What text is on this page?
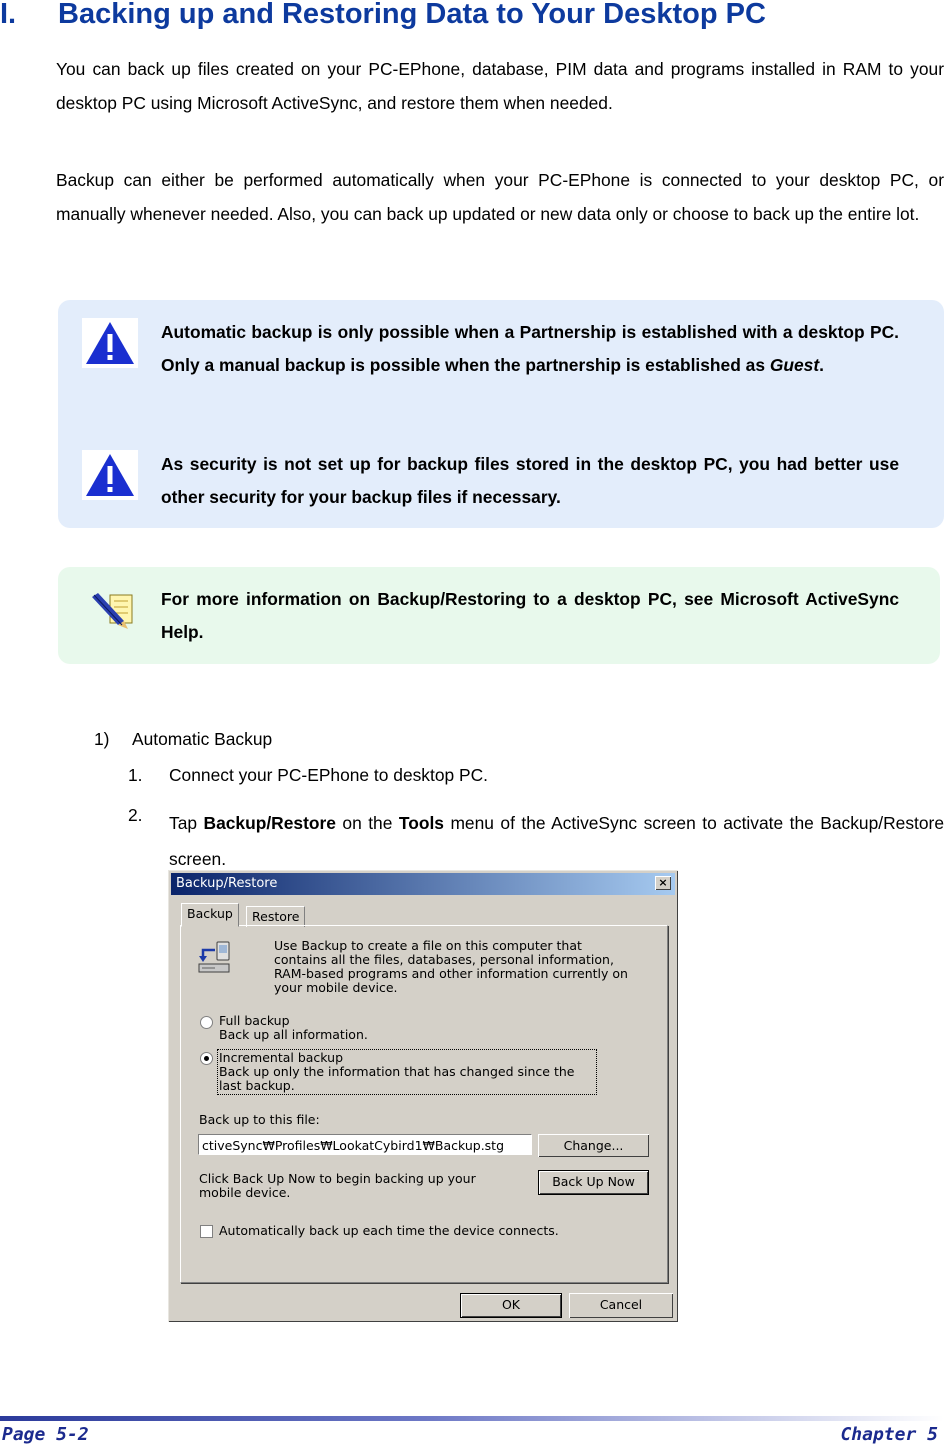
I. Backing up and Restoring Data to Your Desktop PC
You can back up files created on your PC-EPhone, database, PIM data and programs installed in RAM to your desktop PC using Microsoft ActiveSync, and restore them when needed.
Backup can either be performed automatically when your PC-EPhone is connected to your desktop PC, or manually whenever needed. Also, you can back up updated or new data only or choose to back up the entire lot.
Automatic backup is only possible when a Partnership is established with a desktop PC. Only a manual backup is possible when the partnership is established as Guest.
As security is not set up for backup files stored in the desktop PC, you had better use other security for your backup files if necessary.
For more information on Backup/Restoring to a desktop PC, see Microsoft ActiveSync Help.
1) Automatic Backup
1. Connect your PC-EPhone to desktop PC.
2. Tap Backup/Restore on the Tools menu of the ActiveSync screen to activate the Backup/Restore screen.
Backup/Restore	×
Backup	Restore
Use Backup to create a file on this computer that
contains all the files, databases, personal information,
RAM-based programs and other information currently on
your mobile device.
Full backup
Back up all information.
Incremental backup
Back up only the information that has changed since the
last backup.
Back up to this file:
ctiveSync₩Profiles₩LookatCybird1₩Backup.stg	Change...
Click Back Up Now to begin backing up your
mobile device.
Back Up Now
Automatically back up each time the device connects.
OK	Cancel
Page 5-2	Chapter 5
